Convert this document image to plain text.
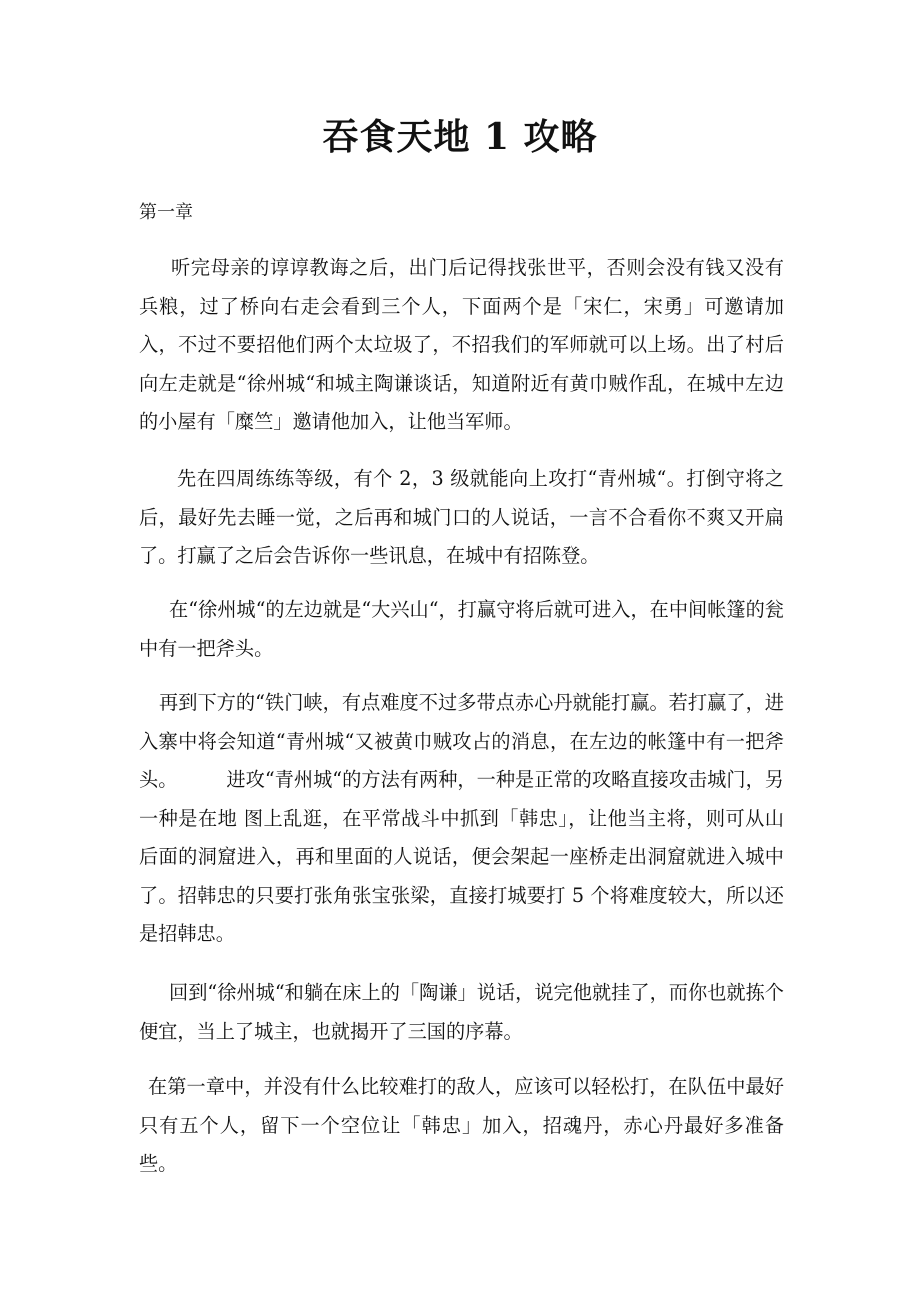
吞食天地 1 攻略
第一章

听完母亲的谆谆教诲之后，出门后记得找张世平，否则会没有钱又没有兵粮，过了桥向右走会看到三个人，下面两个是「宋仁，宋勇」可邀请加入，不过不要招他们两个太垃圾了，不招我们的军师就可以上场。出了村后向左走就是“徐州城“和城主陶谦谈话，知道附近有黄巾贼作乱，在城中左边的小屋有「糜竺」邀请他加入，让他当军师。

先在四周练练等级，有个 2，3 级就能向上攻打“青州城“。打倒守将之后，最好先去睡一觉，之后再和城门口的人说话，一言不合看你不爽又开扁了。打赢了之后会告诉你一些讯息，在城中有招陈登。

在“徐州城“的左边就是“大兴山“，打赢守将后就可进入，在中间帐篷的瓮中有一把斧头。

再到下方的“铁门峡，有点难度不过多带点赤心丹就能打赢。若打赢了，进入寨中将会知道“青州城“又被黄巾贼攻占的消息，在左边的帐篷中有一把斧头。        进攻“青州城“的方法有两种，一种是正常的攻略直接攻击城门，另一种是在地 图上乱逛，在平常战斗中抓到「韩忠」，让他当主将，则可从山后面的洞窟进入，再和里面的人说话，便会架起一座桥走出洞窟就进入城中了。招韩忠的只要打张角张宝张梁，直接打城要打 5 个将难度较大，所以还是招韩忠。

回到“徐州城“和躺在床上的「陶谦」说话，说完他就挂了，而你也就拣个便宜，当上了城主，也就揭开了三国的序幕。

在第一章中，并没有什么比较难打的敌人，应该可以轻松打，在队伍中最好只有五个人，留下一个空位让「韩忠」加入，招魂丹，赤心丹最好多准备些。
